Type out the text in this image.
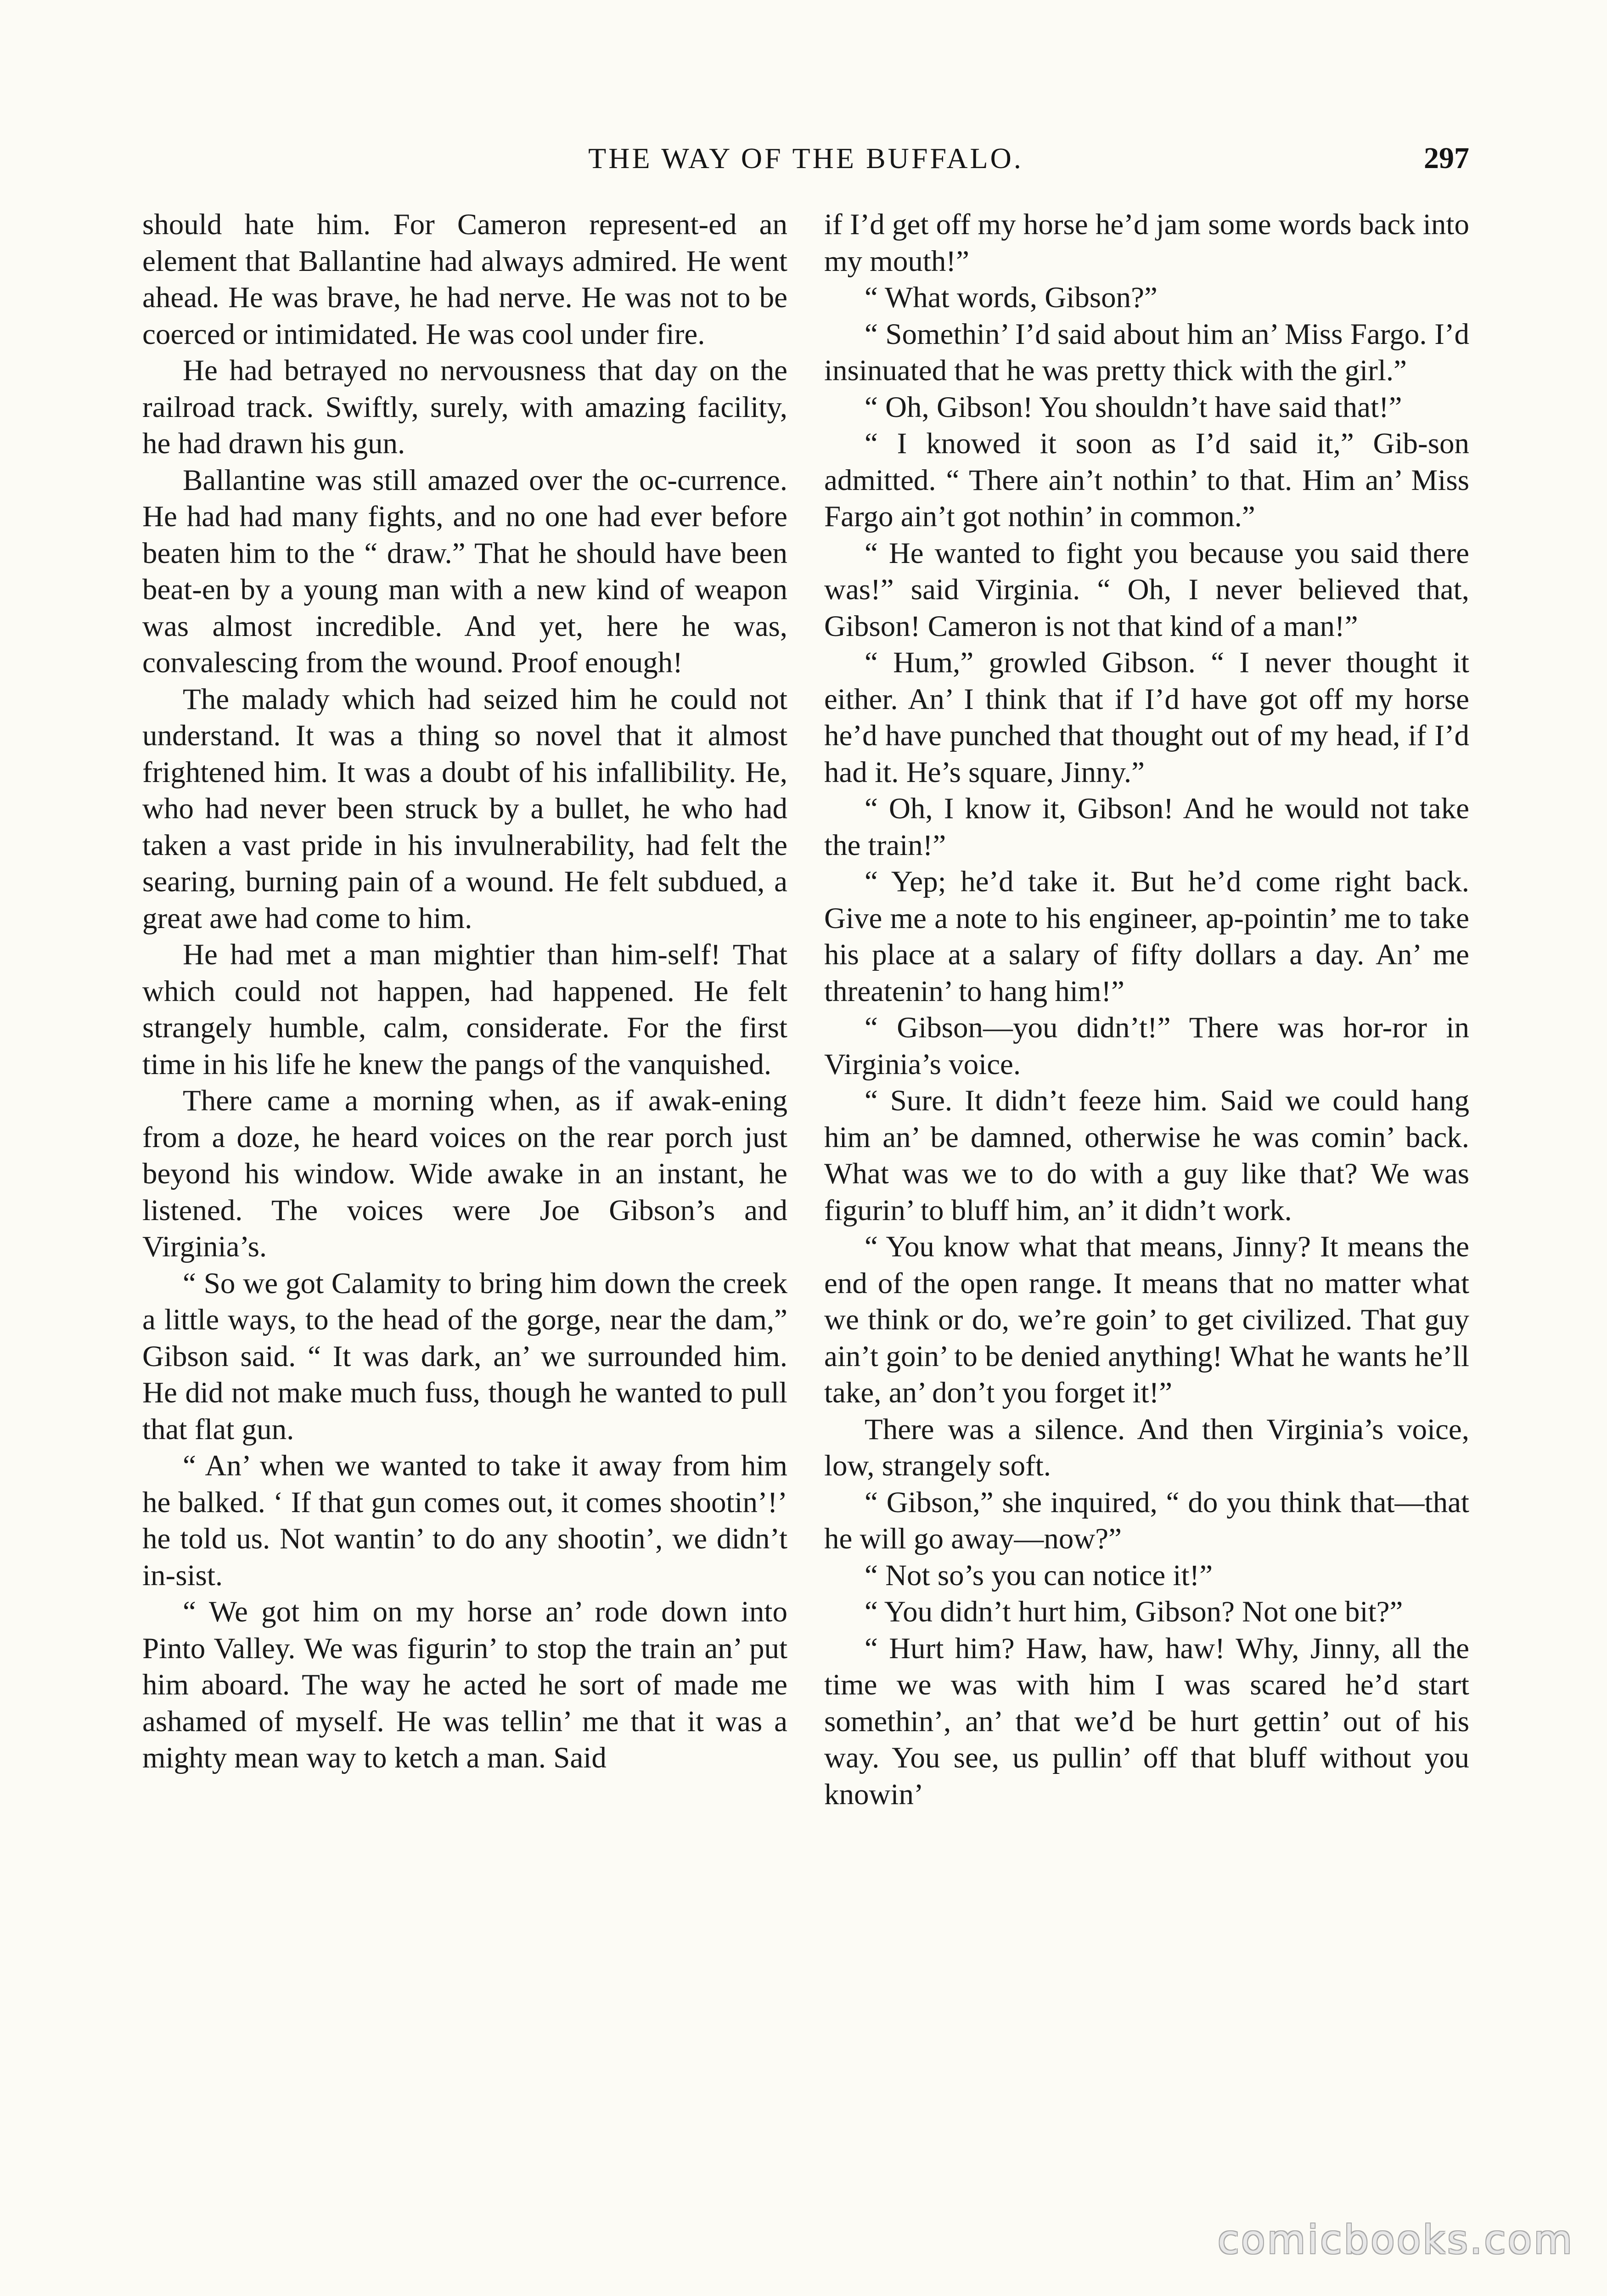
THE WAY OF THE BUFFALO.	297

should hate him. For Cameron represent-ed an element that Ballantine had always admired. He went ahead. He was brave, he had nerve. He was not to be coerced or intimidated. He was cool under fire.

He had betrayed no nervousness that day on the railroad track. Swiftly, surely, with amazing facility, he had drawn his gun.

Ballantine was still amazed over the oc-currence. He had had many fights, and no one had ever before beaten him to the “ draw.” That he should have been beat-en by a young man with a new kind of weapon was almost incredible. And yet, here he was, convalescing from the wound. Proof enough!

The malady which had seized him he could not understand. It was a thing so novel that it almost frightened him. It was a doubt of his infallibility. He, who had never been struck by a bullet, he who had taken a vast pride in his invulnerability, had felt the searing, burning pain of a wound. He felt subdued, a great awe had come to him.

He had met a man mightier than him-self! That which could not happen, had happened. He felt strangely humble, calm, considerate. For the first time in his life he knew the pangs of the vanquished.

There came a morning when, as if awak-ening from a doze, he heard voices on the rear porch just beyond his window. Wide awake in an instant, he listened. The voices were Joe Gibson’s and Virginia’s.

“ So we got Calamity to bring him down the creek a little ways, to the head of the gorge, near the dam,” Gibson said. “ It was dark, an’ we surrounded him. He did not make much fuss, though he wanted to pull that flat gun.

“ An’ when we wanted to take it away from him he balked. ‘ If that gun comes out, it comes shootin’!’ he told us. Not wantin’ to do any shootin’, we didn’t in-sist.

“ We got him on my horse an’ rode down into Pinto Valley. We was figurin’ to stop the train an’ put him aboard. The way he acted he sort of made me ashamed of myself. He was tellin’ me that it was a mighty mean way to ketch a man. Said

if I’d get off my horse he’d jam some words back into my mouth!”

“ What words, Gibson?”

“ Somethin’ I’d said about him an’ Miss Fargo. I’d insinuated that he was pretty thick with the girl.”

“ Oh, Gibson! You shouldn’t have said that!”

“ I knowed it soon as I’d said it,” Gib-son admitted. “ There ain’t nothin’ to that. Him an’ Miss Fargo ain’t got nothin’ in common.”

“ He wanted to fight you because you said there was!” said Virginia. “ Oh, I never believed that, Gibson! Cameron is not that kind of a man!”

“ Hum,” growled Gibson. “ I never thought it either. An’ I think that if I’d have got off my horse he’d have punched that thought out of my head, if I’d had it. He’s square, Jinny.”

“ Oh, I know it, Gibson! And he would not take the train!”

“ Yep; he’d take it. But he’d come right back. Give me a note to his engineer, ap-pointin’ me to take his place at a salary of fifty dollars a day. An’ me threatenin’ to hang him!”

“ Gibson—you didn’t!” There was hor-ror in Virginia’s voice.

“ Sure. It didn’t feeze him. Said we could hang him an’ be damned, otherwise he was comin’ back. What was we to do with a guy like that? We was figurin’ to bluff him, an’ it didn’t work.

“ You know what that means, Jinny? It means the end of the open range. It means that no matter what we think or do, we’re goin’ to get civilized. That guy ain’t goin’ to be denied anything! What he wants he’ll take, an’ don’t you forget it!”

There was a silence. And then Virginia’s voice, low, strangely soft.

“ Gibson,” she inquired, “ do you think that—that he will go away—now?”

“ Not so’s you can notice it!”

“ You didn’t hurt him, Gibson? Not one bit?”

“ Hurt him? Haw, haw, haw! Why, Jinny, all the time we was with him I was scared he’d start somethin’, an’ that we’d be hurt gettin’ out of his way. You see, us pullin’ off that bluff without you knowin’

comicbooks.com
